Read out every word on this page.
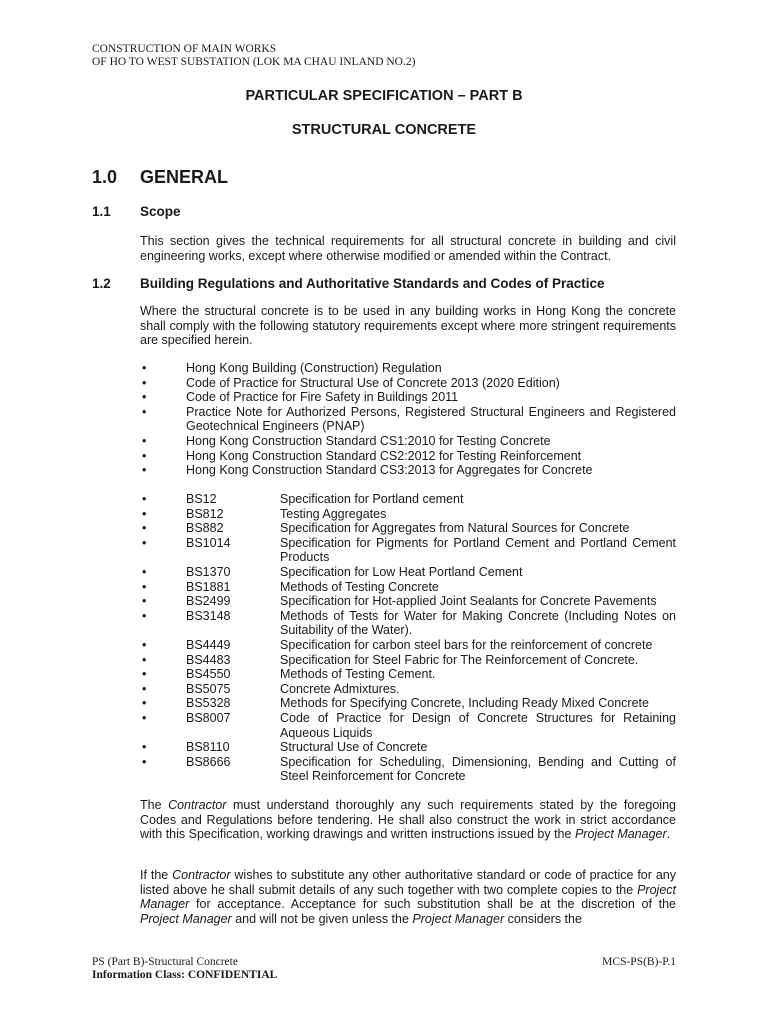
CONSTRUCTION OF MAIN WORKS
OF HO TO WEST SUBSTATION (LOK MA CHAU INLAND NO.2)
PARTICULAR SPECIFICATION – PART B
STRUCTURAL CONCRETE
1.0 GENERAL
1.1 Scope
This section gives the technical requirements for all structural concrete in building and civil engineering works, except where otherwise modified or amended within the Contract.
1.2 Building Regulations and Authoritative Standards and Codes of Practice
Where the structural concrete is to be used in any building works in Hong Kong the concrete shall comply with the following statutory requirements except where more stringent requirements are specified herein.
•	Hong Kong Building (Construction) Regulation
•	Code of Practice for Structural Use of Concrete 2013 (2020 Edition)
•	Code of Practice for Fire Safety in Buildings 2011
•	Practice Note for Authorized Persons, Registered Structural Engineers and Registered Geotechnical Engineers (PNAP)
•	Hong Kong Construction Standard CS1:2010 for Testing Concrete
•	Hong Kong Construction Standard CS2:2012 for Testing Reinforcement
•	Hong Kong Construction Standard CS3:2013 for Aggregates for Concrete
•	BS12	Specification for Portland cement
•	BS812	Testing Aggregates
•	BS882	Specification for Aggregates from Natural Sources for Concrete
•	BS1014	Specification for Pigments for Portland Cement and Portland Cement Products
•	BS1370	Specification for Low Heat Portland Cement
•	BS1881	Methods of Testing Concrete
•	BS2499	Specification for Hot-applied Joint Sealants for Concrete Pavements
•	BS3148	Methods of Tests for Water for Making Concrete (Including Notes on Suitability of the Water).
•	BS4449	Specification for carbon steel bars for the reinforcement of concrete
•	BS4483	Specification for Steel Fabric for The Reinforcement of Concrete.
•	BS4550	Methods of Testing Cement.
•	BS5075	Concrete Admixtures.
•	BS5328	Methods for Specifying Concrete, Including Ready Mixed Concrete
•	BS8007	Code of Practice for Design of Concrete Structures for Retaining Aqueous Liquids
•	BS8110	Structural Use of Concrete
•	BS8666	Specification for Scheduling, Dimensioning, Bending and Cutting of Steel Reinforcement for Concrete
The Contractor must understand thoroughly any such requirements stated by the foregoing Codes and Regulations before tendering. He shall also construct the work in strict accordance with this Specification, working drawings and written instructions issued by the Project Manager.
If the Contractor wishes to substitute any other authoritative standard or code of practice for any listed above he shall submit details of any such together with two complete copies to the Project Manager for acceptance. Acceptance for such substitution shall be at the discretion of the Project Manager and will not be given unless the Project Manager considers the
PS (Part B)-Structural Concrete	MCS-PS(B)-P.1
Information Class: CONFIDENTIAL
